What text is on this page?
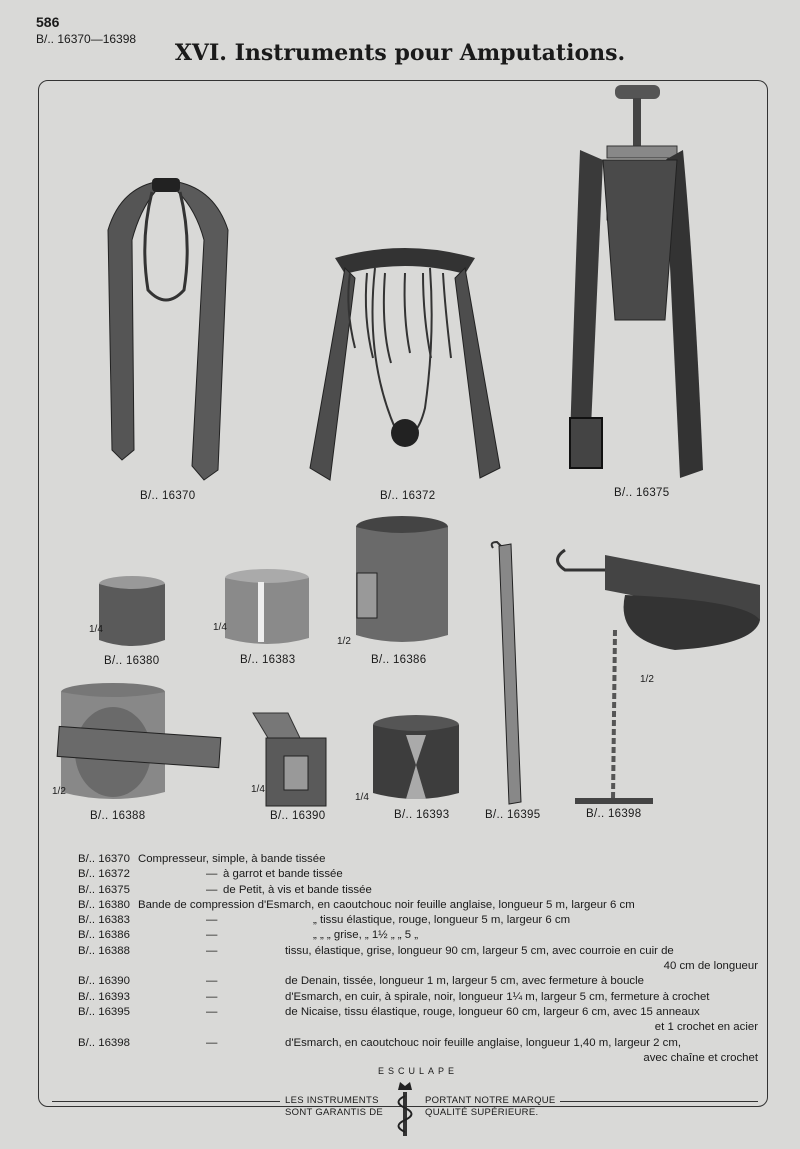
586
B/.. 16370—16398
XVI. Instruments pour Amputations.
B/.. 16370	B/.. 16372	B/.. 16375
B/.. 16380	B/.. 16383	B/.. 16386
B/.. 16388	B/.. 16390	B/.. 16393	B/.. 16395	B/.. 16398
1/4	1/4
1/2
1/2	1/4
1/4
1/2
B/.. 16370 Compresseur, simple, à bande tissée
B/.. 16372	— à garrot et bande tissée
B/.. 16375	— de Petit, à vis et bande tissée
B/.. 16380 Bande de compression d'Esmarch, en caoutchouc noir feuille anglaise, longueur 5 m, largeur 6 cm
B/.. 16383	—	„ tissu élastique, rouge, longueur 5 m, largeur 6 cm
B/.. 16386	—	„ „ „ grise, „ 1½ „ „ 5 „
B/.. 16388	—	tissu, élastique, grise, longueur 90 cm, largeur 5 cm, avec courroie en cuir de
40 cm de longueur
B/.. 16390	—	de Denain, tissée, longueur 1 m, largeur 5 cm, avec fermeture à boucle
B/.. 16393	—	d'Esmarch, en cuir, à spirale, noir, longueur 1¼ m, largeur 5 cm, fermeture à crochet
B/.. 16395	—	de Nicaise, tissu élastique, rouge, longueur 60 cm, largeur 6 cm, avec 15 anneaux
et 1 crochet en acier
B/.. 16398	—	d'Esmarch, en caoutchouc noir feuille anglaise, longueur 1,40 m, largeur 2 cm,
avec chaîne et crochet
ESCULAPE
LES INSTRUMENTS
SONT GARANTIS DE
PORTANT NOTRE MARQUE
QUALITÉ SUPÉRIEURE.
